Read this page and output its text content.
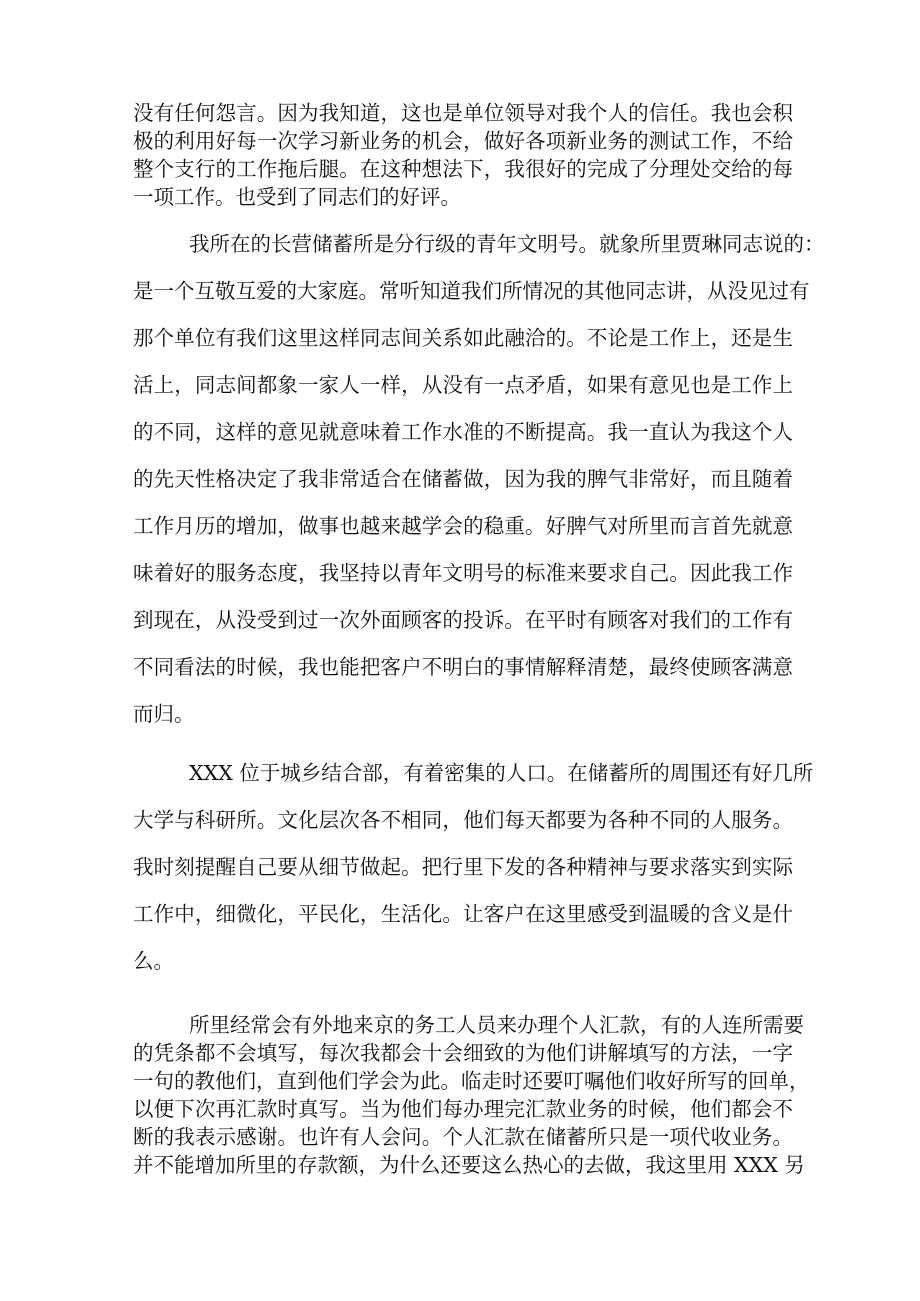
没有任何怨言。因为我知道，这也是单位领导对我个人的信任。我也会积
极的利用好每一次学习新业务的机会，做好各项新业务的测试工作，不给
整个支行的工作拖后腿。在这种想法下，我很好的完成了分理处交给的每
一项工作。也受到了同志们的好评。
我所在的长营储蓄所是分行级的青年文明号。就象所里贾琳同志说的：
是一个互敬互爱的大家庭。常听知道我们所情况的其他同志讲，从没见过有
那个单位有我们这里这样同志间关系如此融洽的。不论是工作上，还是生
活上，同志间都象一家人一样，从没有一点矛盾，如果有意见也是工作上
的不同，这样的意见就意味着工作水准的不断提高。我一直认为我这个人
的先天性格决定了我非常适合在储蓄做，因为我的脾气非常好，而且随着
工作月历的增加，做事也越来越学会的稳重。好脾气对所里而言首先就意
味着好的服务态度，我坚持以青年文明号的标准来要求自己。因此我工作
到现在，从没受到过一次外面顾客的投诉。在平时有顾客对我们的工作有
不同看法的时候，我也能把客户不明白的事情解释清楚，最终使顾客满意
而归。
XXX 位于城乡结合部，有着密集的人口。在储蓄所的周围还有好几所
大学与科研所。文化层次各不相同，他们每天都要为各种不同的人服务。
我时刻提醒自己要从细节做起。把行里下发的各种精神与要求落实到实际
工作中，细微化，平民化，生活化。让客户在这里感受到温暖的含义是什
么。
所里经常会有外地来京的务工人员来办理个人汇款，有的人连所需要
的凭条都不会填写，每次我都会十会细致的为他们讲解填写的方法，一字
一句的教他们，直到他们学会为此。临走时还要叮嘱他们收好所写的回单，
以便下次再汇款时真写。当为他们每办理完汇款业务的时候，他们都会不
断的我表示感谢。也许有人会问。个人汇款在储蓄所只是一项代收业务。
并不能增加所里的存款额，为什么还要这么热心的去做，我这里用 XXX 另
